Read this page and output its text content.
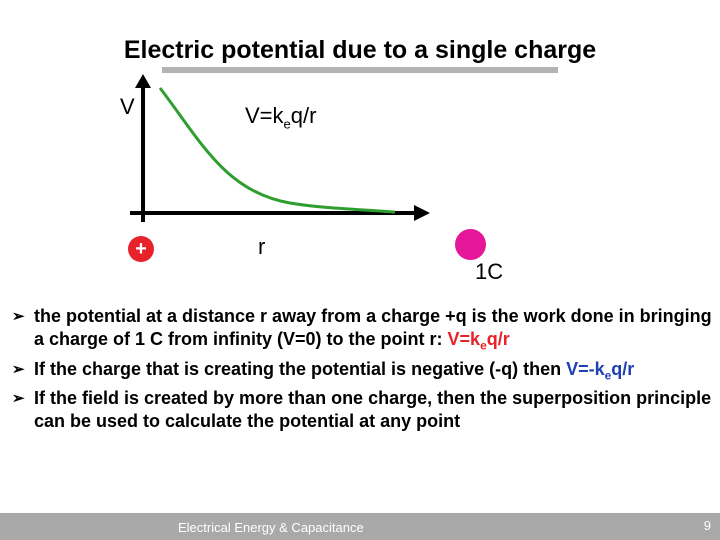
Electric potential due to a single charge
V	$V=k_eq/r$
r
+
1C
➢ the potential at a distance r away from a charge +q is the work done in bringing a charge of 1 C from infinity (V=0) to the point r: $V=k_eq/r$
➢ If the charge that is creating the potential is negative (-q) then $V=-k_eq/r$
➢ If the field is created by more than one charge, then the superposition principle can be used to calculate the potential at any point
Electrical Energy & Capacitance	9
